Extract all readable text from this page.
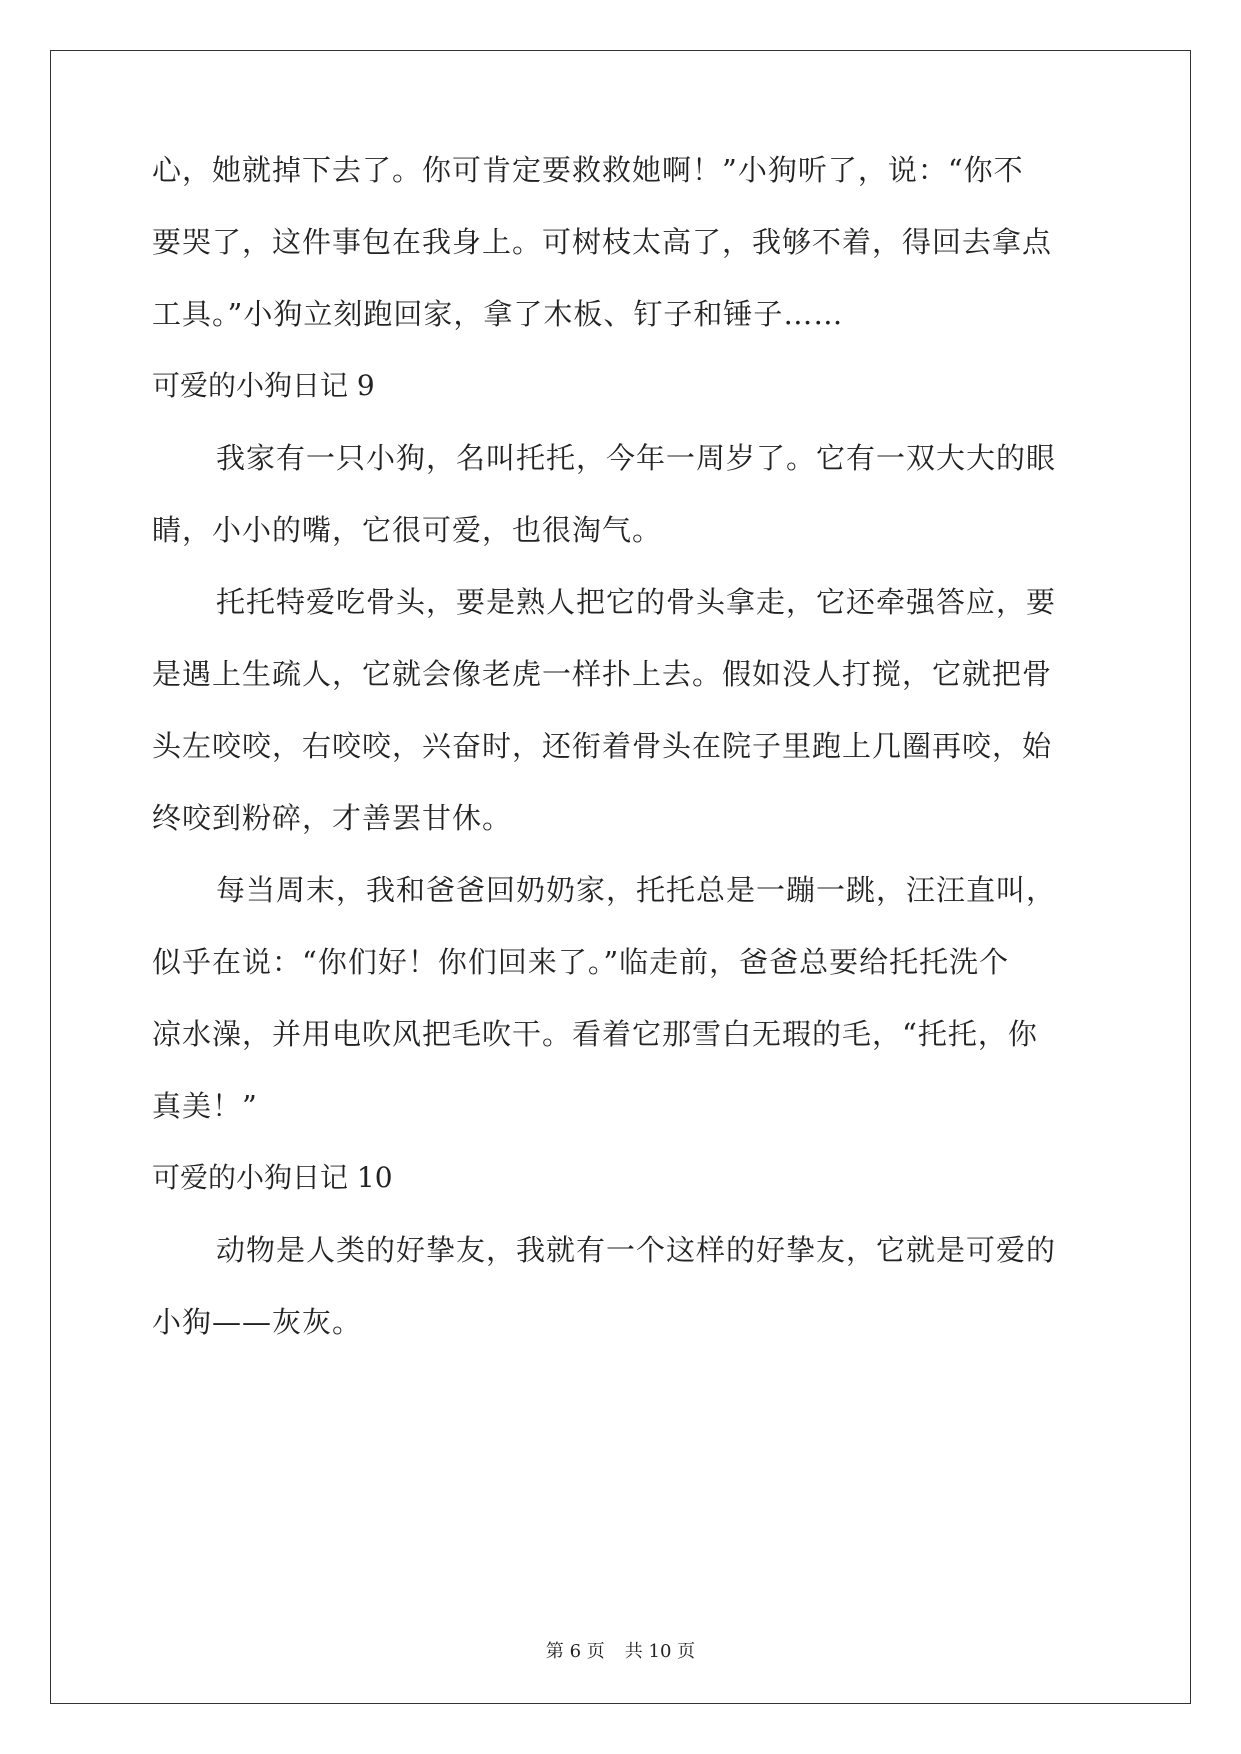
心，她就掉下去了。你可肯定要救救她啊！”小狗听了，说：“你不
要哭了，这件事包在我身上。可树枝太高了，我够不着，得回去拿点
工具。”小狗立刻跑回家，拿了木板、钉子和锤子……
可爱的小狗日记 9
我家有一只小狗，名叫托托，今年一周岁了。它有一双大大的眼
睛，小小的嘴，它很可爱，也很淘气。
托托特爱吃骨头，要是熟人把它的骨头拿走，它还牵强答应，要
是遇上生疏人，它就会像老虎一样扑上去。假如没人打搅，它就把骨
头左咬咬，右咬咬，兴奋时，还衔着骨头在院子里跑上几圈再咬，始
终咬到粉碎，才善罢甘休。
每当周末，我和爸爸回奶奶家，托托总是一蹦一跳，汪汪直叫，
似乎在说：“你们好！你们回来了。”临走前，爸爸总要给托托洗个
凉水澡，并用电吹风把毛吹干。看着它那雪白无瑕的毛，“托托，你
真美！”
可爱的小狗日记 10
动物是人类的好挚友，我就有一个这样的好挚友，它就是可爱的
小狗——灰灰。
第 6 页 共 10 页
